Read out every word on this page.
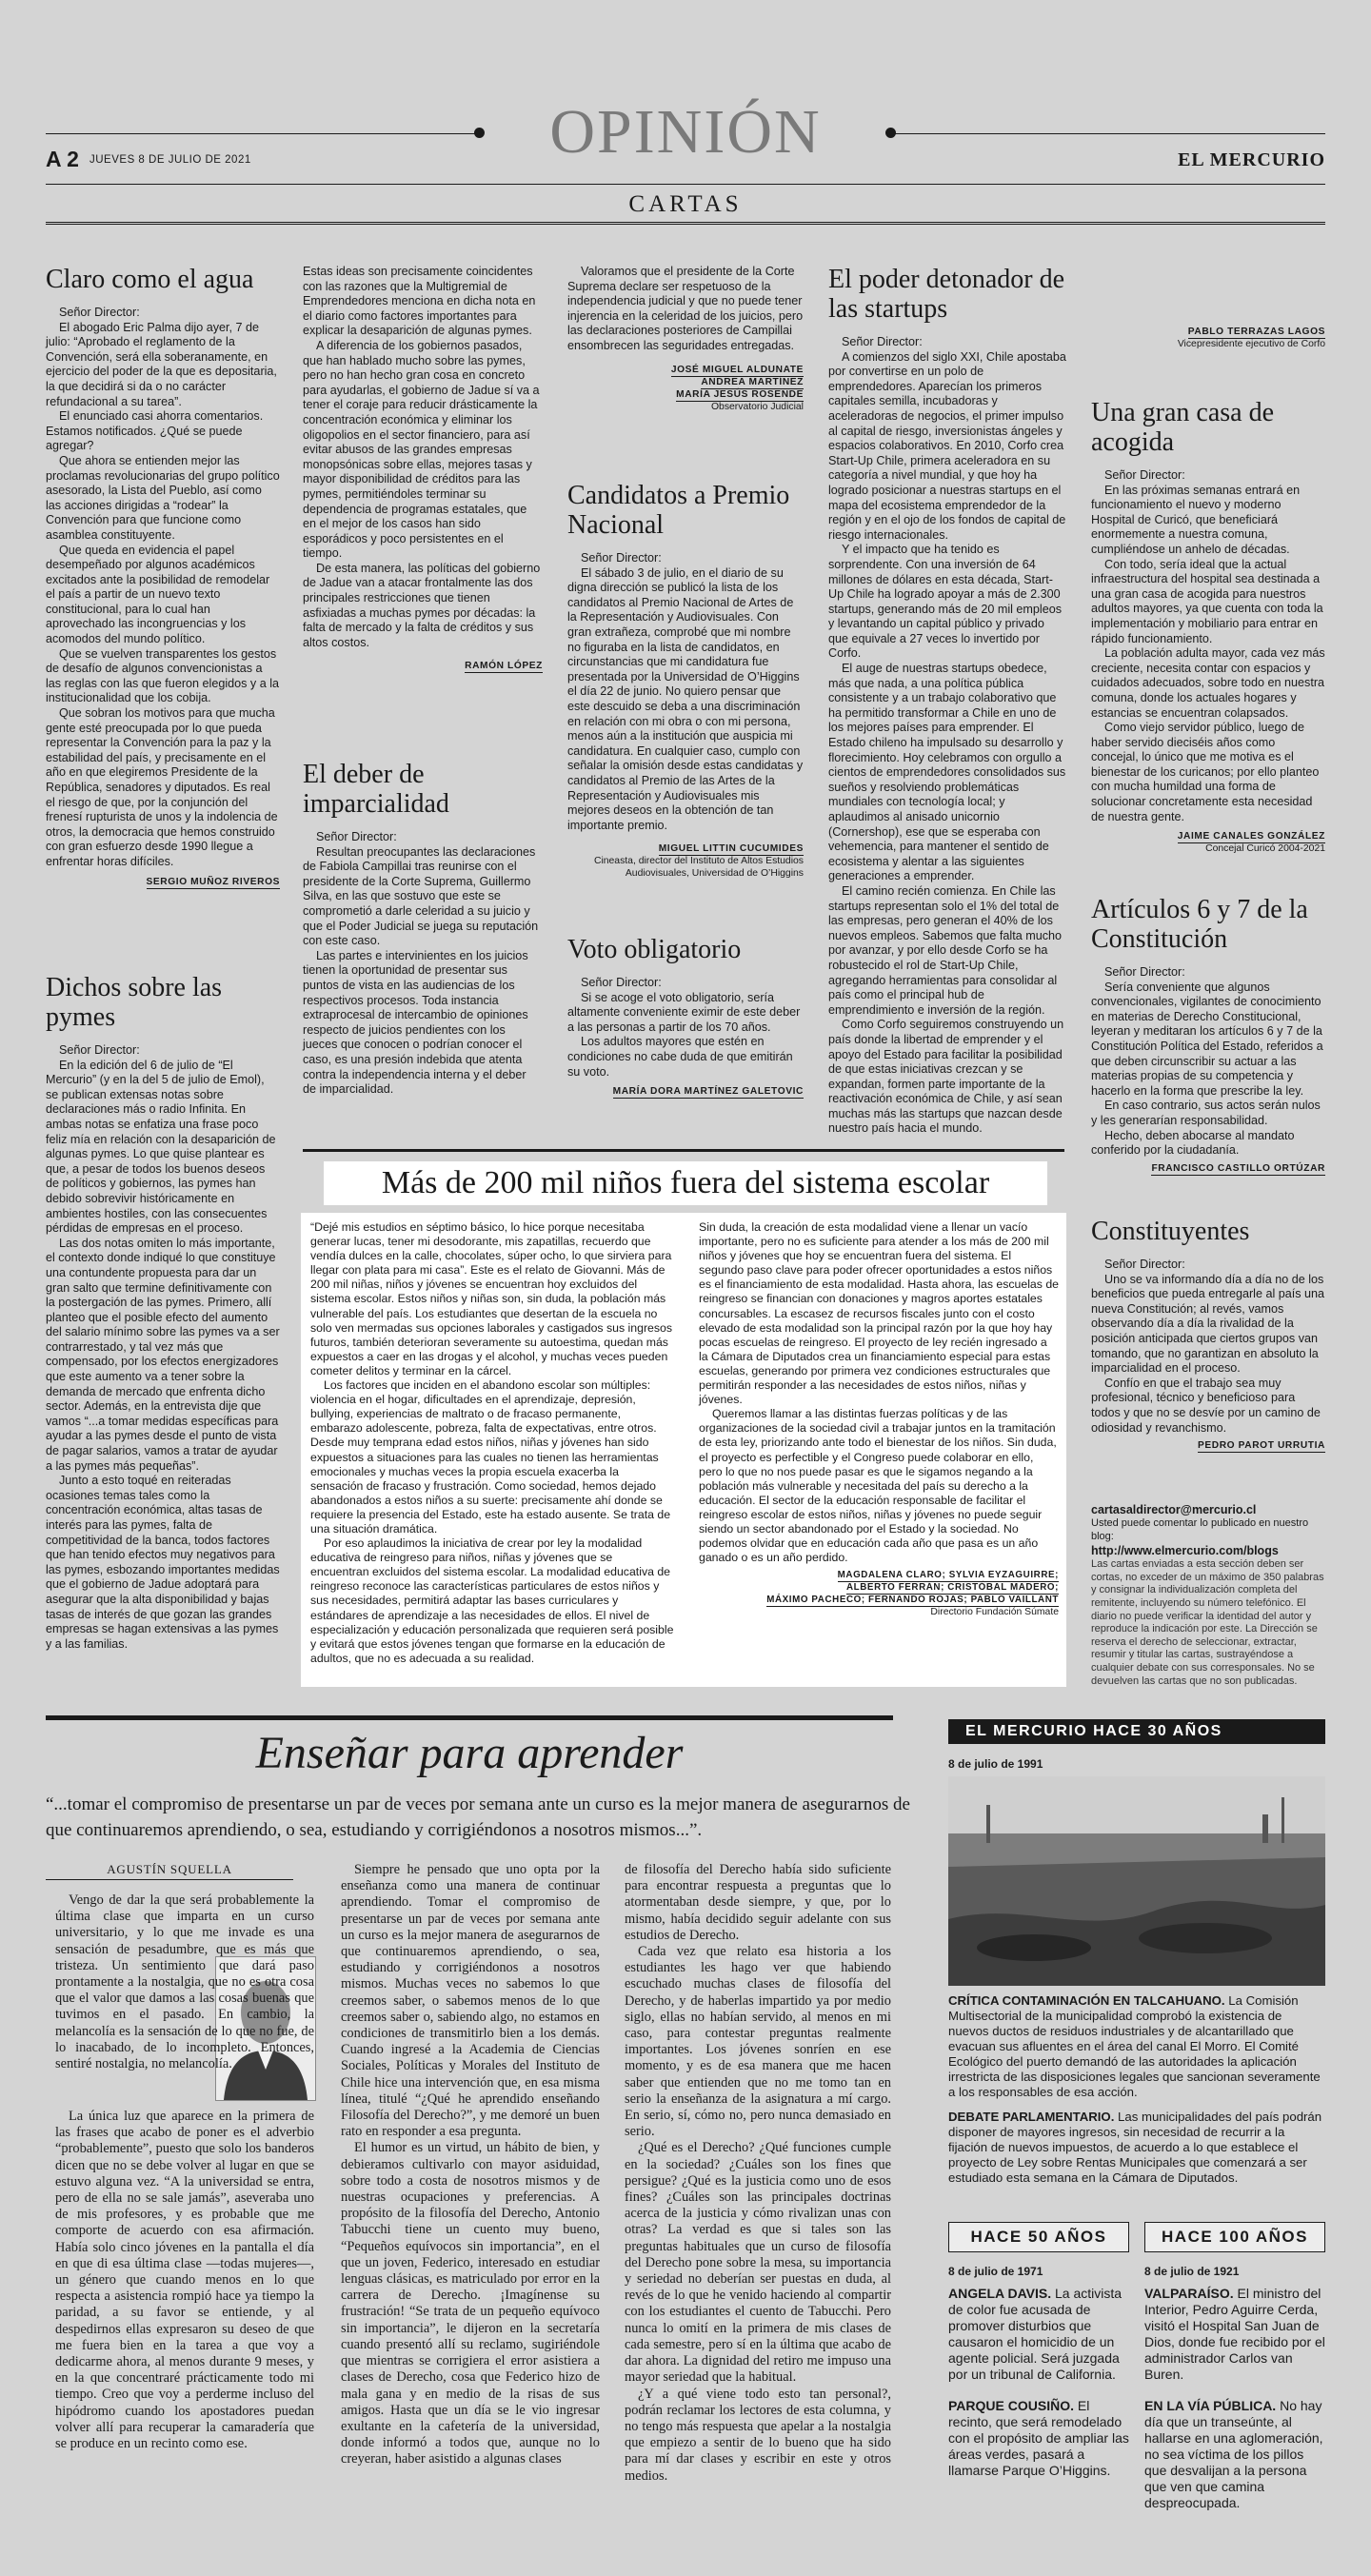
OPINIÓN
A 2 JUEVES 8 DE JULIO DE 2021	EL MERCURIO
CARTAS
Claro como el agua

Señor Director:

El abogado Eric Palma dijo ayer, 7 de julio: “Aprobado el reglamento de la Convención, será ella soberanamente, en ejercicio del poder de la que es depositaria, la que decidirá si da o no carácter refundacional a su tarea”.

El enunciado casi ahorra comentarios. Estamos notificados. ¿Qué se puede agregar?

Que ahora se entienden mejor las proclamas revolucionarias del grupo político asesorado, la Lista del Pueblo, así como las acciones dirigidas a “rodear” la Convención para que funcione como asamblea constituyente.

Que queda en evidencia el papel desempeñado por algunos académicos excitados ante la posibilidad de remodelar el país a partir de un nuevo texto constitucional, para lo cual han aprovechado las incongruencias y los acomodos del mundo político.

Que se vuelven transparentes los gestos de desafío de algunos convencionistas a las reglas con las que fueron elegidos y a la institucionalidad que los cobija.

Que sobran los motivos para que mucha gente esté preocupada por lo que pueda representar la Convención para la paz y la estabilidad del país, y precisamente en el año en que elegiremos Presidente de la República, senadores y diputados. Es real el riesgo de que, por la conjunción del frenesí rupturista de unos y la indolencia de otros, la democracia que hemos construido con gran esfuerzo desde 1990 llegue a enfrentar horas difíciles.

SERGIO MUÑOZ RIVEROS
Dichos sobre las pymes

Señor Director:

En la edición del 6 de julio de “El Mercurio” (y en la del 5 de julio de Emol), se publican extensas notas sobre declaraciones más o radio Infinita. En ambas notas se enfatiza una frase poco feliz mía en relación con la desaparición de algunas pymes. Lo que quise plantear es que, a pesar de todos los buenos deseos de políticos y gobiernos, las pymes han debido sobrevivir históricamente en ambientes hostiles, con las consecuentes pérdidas de empresas en el proceso.

Las dos notas omiten lo más importante, el contexto donde indiqué lo que constituye una contundente propuesta para dar un gran salto que termine definitivamente con la postergación de las pymes. Primero, allí planteo que el posible efecto del aumento del salario mínimo sobre las pymes va a ser contrarrestado, y tal vez más que compensado, por los efectos energizadores que este aumento va a tener sobre la demanda de mercado que enfrenta dicho sector. Además, en la entrevista dije que vamos “...a tomar medidas específicas para ayudar a las pymes desde el punto de vista de pagar salarios, vamos a tratar de ayudar a las pymes más pequeñas”.

Junto a esto toqué en reiteradas ocasiones temas tales como la concentración económica, altas tasas de interés para las pymes, falta de competitividad de la banca, todos factores que han tenido efectos muy negativos para las pymes, esbozando importantes medidas que el gobierno de Jadue adoptará para asegurar que la alta disponibilidad y bajas tasas de interés de que gozan las grandes empresas se hagan extensivas a las pymes y a las familias.

Estas ideas son precisamente coincidentes con las razones que la Multigremial de Emprendedores menciona en dicha nota en el diario como factores importantes para explicar la desaparición de algunas pymes.

A diferencia de los gobiernos pasados, que han hablado mucho sobre las pymes, pero no han hecho gran cosa en concreto para ayudarlas, el gobierno de Jadue sí va a tener el coraje para reducir drásticamente la concentración económica y eliminar los oligopolios en el sector financiero, para así evitar abusos de las grandes empresas monopsónicas sobre ellas, mejores tasas y mayor disponibilidad de créditos para las pymes, permitiéndoles terminar su dependencia de programas estatales, que en el mejor de los casos han sido esporádicos y poco persistentes en el tiempo.

De esta manera, las políticas del gobierno de Jadue van a atacar frontalmente las dos principales restricciones que tienen asfixiadas a muchas pymes por décadas: la falta de mercado y la falta de créditos y sus altos costos.

RAMÓN LÓPEZ
El deber de imparcialidad

Señor Director:

Resultan preocupantes las declaraciones de Fabiola Campillai tras reunirse con el presidente de la Corte Suprema, Guillermo Silva, en las que sostuvo que este se comprometió a darle celeridad a su juicio y que el Poder Judicial se juega su reputación con este caso.

Las partes e intervinientes en los juicios tienen la oportunidad de presentar sus puntos de vista en las audiencias de los respectivos procesos. Toda instancia extraprocesal de intercambio de opiniones respecto de juicios pendientes con los jueces que conocen o podrían conocer el caso, es una presión indebida que atenta contra la independencia interna y el deber de imparcialidad.

Valoramos que el presidente de la Corte Suprema declare ser respetuoso de la independencia judicial y que no puede tener injerencia en la celeridad de los juicios, pero las declaraciones posteriores de Campillai ensombrecen las seguridades entregadas.

JOSÉ MIGUEL ALDUNATE
ANDREA MARTÍNEZ
MARÍA JESÚS ROSENDE
Observatorio Judicial
Candidatos a Premio Nacional

Señor Director:

El sábado 3 de julio, en el diario de su digna dirección se publicó la lista de los candidatos al Premio Nacional de Artes de la Representación y Audiovisuales. Con gran extrañeza, comprobé que mi nombre no figuraba en la lista de candidatos, en circunstancias que mi candidatura fue presentada por la Universidad de O’Higgins el día 22 de junio. No quiero pensar que este descuido se deba a una discriminación en relación con mi obra o con mi persona, menos aún a la institución que auspicia mi candidatura. En cualquier caso, cumplo con señalar la omisión desde estas candidatas y candidatos al Premio de las Artes de la Representación y Audiovisuales mis mejores deseos en la obtención de tan importante premio.

MIGUEL LITTIN CUCUMIDES
Cineasta, director del Instituto de Altos Estudios Audiovisuales, Universidad de O’Higgins
Voto obligatorio

Señor Director:

Si se acoge el voto obligatorio, sería altamente conveniente eximir de este deber a las personas a partir de los 70 años.

Los adultos mayores que estén en condiciones no cabe duda de que emitirán su voto.

MARÍA DORA MARTÍNEZ GALETOVIC
El poder detonador de las startups

Señor Director:

A comienzos del siglo XXI, Chile apostaba por convertirse en un polo de emprendedores. Aparecían los primeros capitales semilla, incubadoras y aceleradoras de negocios, el primer impulso al capital de riesgo, inversionistas ángeles y espacios colaborativos. En 2010, Corfo crea Start-Up Chile, primera aceleradora en su categoría a nivel mundial, y que hoy ha logrado posicionar a nuestras startups en el mapa del ecosistema emprendedor de la región y en el ojo de los fondos de capital de riesgo internacionales.

Y el impacto que ha tenido es sorprendente. Con una inversión de 64 millones de dólares en esta década, Start-Up Chile ha logrado apoyar a más de 2.300 startups, generando más de 20 mil empleos y levantando un capital público y privado que equivale a 27 veces lo invertido por Corfo.

El auge de nuestras startups obedece, más que nada, a una política pública consistente y a un trabajo colaborativo que ha permitido transformar a Chile en uno de los mejores países para emprender. El Estado chileno ha impulsado su desarrollo y florecimiento. Hoy celebramos con orgullo a cientos de emprendedores consolidados sus sueños y resolviendo problemáticas mundiales con tecnología local; y aplaudimos al anisado unicornio (Cornershop), ese que se esperaba con vehemencia, para mantener el sentido de ecosistema y alentar a las siguientes generaciones a emprender.

El camino recién comienza. En Chile las startups representan solo el 1% del total de las empresas, pero generan el 40% de los nuevos empleos. Sabemos que falta mucho por avanzar, y por ello desde Corfo se ha robustecido el rol de Start-Up Chile, agregando herramientas para consolidar al país como el principal hub de emprendimiento e inversión de la región.

Como Corfo seguiremos construyendo un país donde la libertad de emprender y el apoyo del Estado para facilitar la posibilidad de que estas iniciativas crezcan y se expandan, formen parte importante de la reactivación económica de Chile, y así sean muchas más las startups que nazcan desde nuestro país hacia el mundo.

PABLO TERRAZAS LAGOS
Vicepresidente ejecutivo de Corfo
Una gran casa de acogida

Señor Director:

En las próximas semanas entrará en funcionamiento el nuevo y moderno Hospital de Curicó, que beneficiará enormemente a nuestra comuna, cumpliéndose un anhelo de décadas.

Con todo, sería ideal que la actual infraestructura del hospital sea destinada a una gran casa de acogida para nuestros adultos mayores, ya que cuenta con toda la implementación y mobiliario para entrar en rápido funcionamiento.

La población adulta mayor, cada vez más creciente, necesita contar con espacios y cuidados adecuados, sobre todo en nuestra comuna, donde los actuales hogares y estancias se encuentran colapsados.

Como viejo servidor público, luego de haber servido dieciséis años como concejal, lo único que me motiva es el bienestar de los curicanos; por ello planteo con mucha humildad una forma de solucionar concretamente esta necesidad de nuestra gente.

JAIME CANALES GONZÁLEZ
Concejal Curicó 2004-2021
Artículos 6 y 7 de la Constitución

Señor Director:

Sería conveniente que algunos convencionales, vigilantes de conocimiento en materias de Derecho Constitucional, leyeran y meditaran los artículos 6 y 7 de la Constitución Política del Estado, referidos a que deben circunscribir su actuar a las materias propias de su competencia y hacerlo en la forma que prescribe la ley.

En caso contrario, sus actos serán nulos y les generarían responsabilidad.

Hecho, deben abocarse al mandato conferido por la ciudadanía.

FRANCISCO CASTILLO ORTÚZAR
Constituyentes

Señor Director:

Uno se va informando día a día no de los beneficios que pueda entregarle al país una nueva Constitución; al revés, vamos observando día a día la rivalidad de la posición anticipada que ciertos grupos van tomando, que no garantizan en absoluto la imparcialidad en el proceso.

Confío en que el trabajo sea muy profesional, técnico y beneficioso para todos y que no se desvíe por un camino de odiosidad y revanchismo.

PEDRO PAROT URRUTIA
cartasaldirector@mercurio.cl
Usted puede comentar lo publicado en nuestro blog:
http://www.elmercurio.com/blogs
Las cartas enviadas a esta sección deben ser cortas, no exceder de un máximo de 350 palabras y consignar la individualización completa del remitente, incluyendo su número telefónico. El diario no puede verificar la identidad del autor y reproduce la indicación por este. La Dirección se reserva el derecho de seleccionar, extractar, resumir y titular las cartas, sustrayéndose a cualquier debate con sus corresponsales. No se devuelven las cartas que no son publicadas.
Más de 200 mil niños fuera del sistema escolar

“Dejé mis estudios en séptimo básico, lo hice porque necesitaba generar lucas, tener mi desodorante, mis zapatillas, recuerdo que vendía dulces en la calle, chocolates, súper ocho, lo que sirviera para llegar con plata para mi casa”. Este es el relato de Giovanni. Más de 200 mil niñas, niños y jóvenes se encuentran hoy excluidos del sistema escolar. Estos niños y niñas son, sin duda, la población más vulnerable del país. Los estudiantes que desertan de la escuela no solo ven mermadas sus opciones laborales y castigados sus ingresos futuros, también deterioran severamente su autoestima, quedan más expuestos a caer en las drogas y el alcohol, y muchas veces pueden cometer delitos y terminar en la cárcel.

Los factores que inciden en el abandono escolar son múltiples: violencia en el hogar, dificultades en el aprendizaje, depresión, bullying, experiencias de maltrato o de fracaso permanente, embarazo adolescente, pobreza, falta de expectativas, entre otros. Desde muy temprana edad estos niños, niñas y jóvenes han sido expuestos a situaciones para las cuales no tienen las herramientas emocionales y muchas veces la propia escuela exacerba la sensación de fracaso y frustración. Como sociedad, hemos dejado abandonados a estos niños a su suerte: precisamente ahí donde se requiere la presencia del Estado, este ha estado ausente. Se trata de una situación dramática.

Por eso aplaudimos la iniciativa de crear por ley la modalidad educativa de reingreso para niños, niñas y jóvenes que se encuentran excluidos del sistema escolar. La modalidad educativa de reingreso reconoce las características particulares de estos niños y sus necesidades, permitirá adaptar las bases curriculares y estándares de aprendizaje a las necesidades de ellos. El nivel de especialización y educación personalizada que requieren será posible y evitará que estos jóvenes tengan que formarse en la educación de adultos, que no es adecuada a su realidad.

Sin duda, la creación de esta modalidad viene a llenar un vacío importante, pero no es suficiente para atender a los más de 200 mil niños y jóvenes que hoy se encuentran fuera del sistema. El segundo paso clave para poder ofrecer oportunidades a estos niños es el financiamiento de esta modalidad. Hasta ahora, las escuelas de reingreso se financian con donaciones y magros aportes estatales concursables. La escasez de recursos fiscales junto con el costo elevado de esta modalidad son la principal razón por la que hoy hay pocas escuelas de reingreso. El proyecto de ley recién ingresado a la Cámara de Diputados crea un financiamiento especial para estas escuelas, generando por primera vez condiciones estructurales que permitirán responder a las necesidades de estos niños, niñas y jóvenes.

Queremos llamar a las distintas fuerzas políticas y de las organizaciones de la sociedad civil a trabajar juntos en la tramitación de esta ley, priorizando ante todo el bienestar de los niños. Sin duda, el proyecto es perfectible y el Congreso puede colaborar en ello, pero lo que no nos puede pasar es que le sigamos negando a la población más vulnerable y necesitada del país su derecho a la educación. El sector de la educación responsable de facilitar el reingreso escolar de estos niños, niñas y jóvenes no puede seguir siendo un sector abandonado por el Estado y la sociedad. No podemos olvidar que en educación cada año que pasa es un año ganado o es un año perdido.

MAGDALENA CLARO; SYLVIA EYZAGUIRRE;
ALBERTO FERRÁN; CRISTÓBAL MADERO;
MÁXIMO PACHECO; FERNANDO ROJAS; PABLO VAILLANT
Directorio Fundación Súmate
Enseñar para aprender
“...tomar el compromiso de presentarse un par de veces por semana ante un curso es la mejor manera de asegurarnos de que continuaremos aprendiendo, o sea, estudiando y corrigiéndonos a nosotros mismos...”.
AGUSTÍN SQUELLA

Vengo de dar la que será probablemente la última clase que imparta en un curso universitario, y lo que me invade es una sensación de pesadumbre, que es más que tristeza. Un sentimiento que dará paso prontamente a la nostalgia, que no es otra cosa que el valor que damos a las cosas buenas que tuvimos en el pasado. En cambio, la melancolía es la sensación de lo que no fue, de lo inacabado, de lo incompleto. Entonces, sentiré nostalgia, no melancolía.

La única luz que aparece en la primera de las frases que acabo de poner es el adverbio “probablemente”, puesto que solo los banderos dicen que no se debe volver al lugar en que se estuvo alguna vez. “A la universidad se entra, pero de ella no se sale jamás”, aseveraba uno de mis profesores, y es probable que me comporte de acuerdo con esa afirmación. Había solo cinco jóvenes en la pantalla el día en que di esa última clase —todas mujeres—, un género que cuando menos en lo que respecta a asistencia rompió hace ya tiempo la paridad, a su favor se entiende, y al despedirnos ellas expresaron su deseo de que me fuera bien en la tarea a que voy a dedicarme ahora, al menos durante 9 meses, y en la que concentraré prácticamente todo mi tiempo. Creo que voy a perderme incluso del hipódromo cuando los apostadores puedan volver allí para recuperar la camaradería que se produce en un recinto como ese.

Siempre he pensado que uno opta por la enseñanza como una manera de continuar aprendiendo. Tomar el compromiso de presentarse un par de veces por semana ante un curso es la mejor manera de asegurarnos de que continuaremos aprendiendo, o sea, estudiando y corrigiéndonos a nosotros mismos. Muchas veces no sabemos lo que creemos saber, o sabemos menos de lo que creemos saber o, sabiendo algo, no estamos en condiciones de transmitirlo bien a los demás. Cuando ingresé a la Academia de Ciencias Sociales, Políticas y Morales del Instituto de Chile hice una intervención que, en esa misma línea, titulé “¿Qué he aprendido enseñando Filosofía del Derecho?”, y me demoré un buen rato en responder a esa pregunta.

El humor es un virtud, un hábito de bien, y debieramos cultivarlo con mayor asiduidad, sobre todo a costa de nosotros mismos y de nuestras ocupaciones y preferencias. A propósito de la filosofía del Derecho, Antonio Tabucchi tiene un cuento muy bueno, “Pequeños equívocos sin importancia”, en el que un joven, Federico, interesado en estudiar lenguas clásicas, es matriculado por error en la carrera de Derecho. ¡Imagínense su frustración! “Se trata de un pequeño equívoco sin importancia”, le dijeron en la secretaría cuando presentó allí su reclamo, sugiriéndole que mientras se corrigiera el error asistiera a clases de Derecho, cosa que Federico hizo de mala gana y en medio de la risas de sus amigos. Hasta que un día se le vio ingresar exultante en la cafetería de la universidad, donde informó a todos que, aunque no lo creyeran, haber asistido a algunas clases

de filosofía del Derecho había sido suficiente para encontrar respuesta a preguntas que lo atormentaban desde siempre, y que, por lo mismo, había decidido seguir adelante con sus estudios de Derecho.

Cada vez que relato esa historia a los estudiantes les hago ver que habiendo escuchado muchas clases de filosofía del Derecho, y de haberlas impartido ya por medio siglo, ellas no habían servido, al menos en mi caso, para contestar preguntas realmente importantes. Los jóvenes sonríen en ese momento, y es de esa manera que me hacen saber que entienden que no me tomo tan en serio la enseñanza de la asignatura a mí cargo. En serio, sí, cómo no, pero nunca demasiado en serio.

¿Qué es el Derecho? ¿Qué funciones cumple en la sociedad? ¿Cuáles son los fines que persigue? ¿Qué es la justicia como uno de esos fines? ¿Cuáles son las principales doctrinas acerca de la justicia y cómo rivalizan unas con otras? La verdad es que si tales son las preguntas habituales que un curso de filosofía del Derecho pone sobre la mesa, su importancia y seriedad no deberían ser puestas en duda, al revés de lo que he venido haciendo al compartir con los estudiantes el cuento de Tabucchi. Pero nunca lo omití en la primera de mis clases de cada semestre, pero sí en la última que acabo de dar ahora. La dignidad del retiro me impuso una mayor seriedad que la habitual.

¿Y a qué viene todo esto tan personal?, podrán reclamar los lectores de esta columna, y no tengo más respuesta que apelar a la nostalgia que empiezo a sentir de lo bueno que ha sido para mí dar clases y escribir en este y otros medios.

EL MERCURIO HACE 30 AÑOS
8 de julio de 1991

CRÍTICA CONTAMINACIÓN EN TALCAHUANO. La Comisión Multisectorial de la municipalidad comprobó la existencia de nuevos ductos de residuos industriales y de alcantarillado que evacuan sus afluentes en el área del canal El Morro. El Comité Ecológico del puerto demandó de las autoridades la aplicación irrestricta de las disposiciones legales que sancionan severamente a los responsables de esa acción.

DEBATE PARLAMENTARIO. Las municipalidades del país podrán disponer de mayores ingresos, sin necesidad de recurrir a la fijación de nuevos impuestos, de acuerdo a lo que establece el proyecto de Ley sobre Rentas Municipales que comenzará a ser estudiado esta semana en la Cámara de Diputados.

HACE 50 AÑOS	HACE 100 AÑOS

8 de julio de 1971

ANGELA DAVIS. La activista de color fue acusada de promover disturbios que causaron el homicidio de un agente policial. Será juzgada por un tribunal de California.

PARQUE COUSIÑO. El recinto, que será remodelado con el propósito de ampliar las áreas verdes, pasará a llamarse Parque O’Higgins.

8 de julio de 1921

VALPARAÍSO. El ministro del Interior, Pedro Aguirre Cerda, visitó el Hospital San Juan de Dios, donde fue recibido por el administrador Carlos van Buren.

EN LA VÍA PÚBLICA. No hay día que un transeúnte, al hallarse en una aglomeración, no sea víctima de los pillos que desvalijan a la persona que ven que camina despreocupada.
